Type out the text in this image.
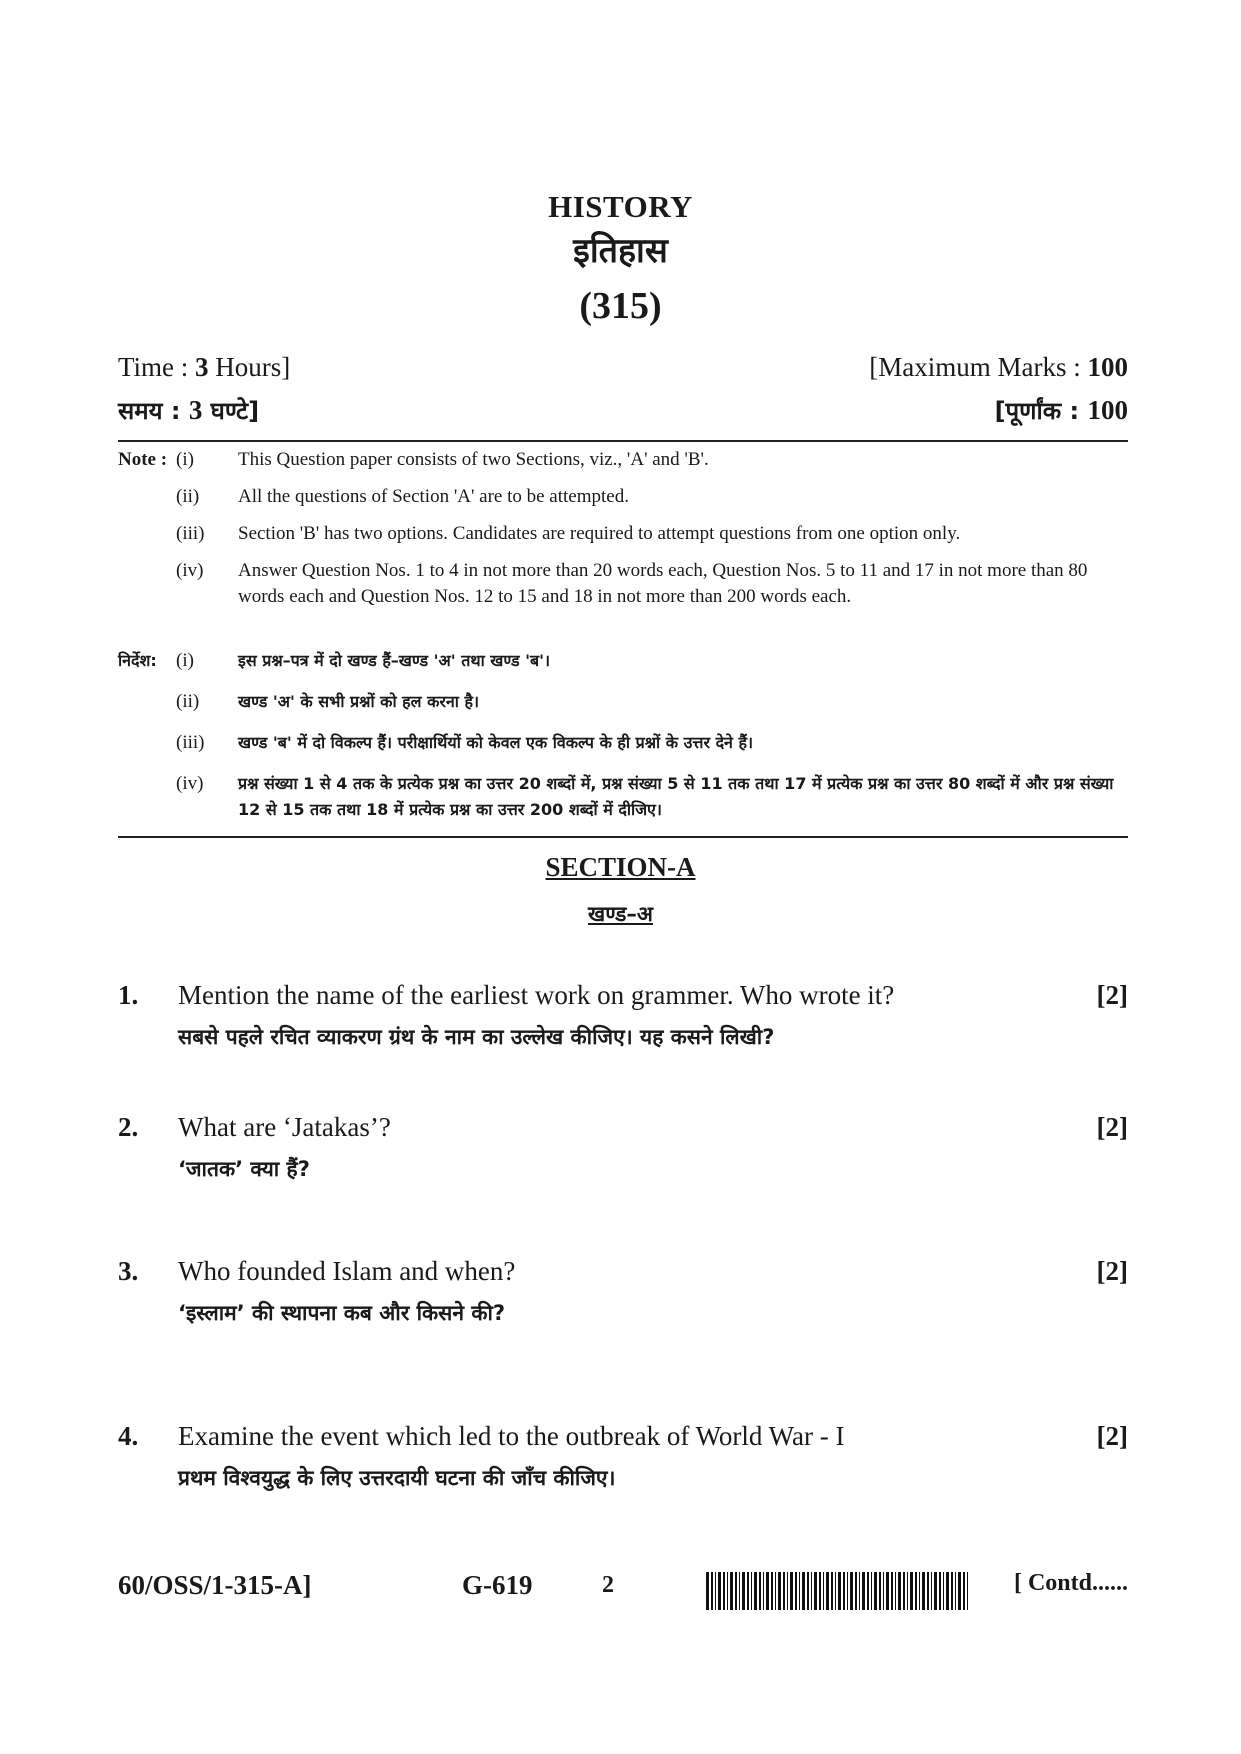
HISTORY
इतिहास
(315)
Time : 3 Hours]	[Maximum Marks : 100
समय : 3 घण्टे]	[पूर्णांक : 100
Note : (i)	This Question paper consists of two Sections, viz., 'A' and 'B'.
(ii)	All the questions of Section 'A' are to be attempted.
(iii)	Section 'B' has two options. Candidates are required to attempt questions from one option only.
(iv)	Answer Question Nos. 1 to 4 in not more than 20 words each, Question Nos. 5 to 11 and 17 in not more than 80 words each and Question Nos. 12 to 15 and 18 in not more than 200 words each.
निर्देश:	(i)	इस प्रश्न–पत्र में दो खण्ड हैं–खण्ड 'अ' तथा खण्ड 'ब'।
(ii)	खण्ड 'अ' के सभी प्रश्नों को हल करना है।
(iii)	खण्ड 'ब' में दो विकल्प हैं। परीक्षार्थियों को केवल एक विकल्प के ही प्रश्नों के उत्तर देने हैं।
(iv)	प्रश्न संख्या 1 से 4 तक के प्रत्येक प्रश्न का उत्तर 20 शब्दों में, प्रश्न संख्या 5 से 11 तक तथा 17 में प्रत्येक प्रश्न का उत्तर 80 शब्दों में और प्रश्न संख्या 12 से 15 तक तथा 18 में प्रत्येक प्रश्न का उत्तर 200 शब्दों में दीजिए।
SECTION-A
खण्ड–अ
1.	Mention the name of the earliest work on grammer. Who wrote it?	[2]
सबसे पहले रचित व्याकरण ग्रंथ के नाम का उल्लेख कीजिए। यह कसने लिखी?
2.	What are ‘Jatakas’?	[2]
‘जातक’ क्या हैं?
3.	Who founded Islam and when?	[2]
‘इस्लाम’ की स्थापना कब और किसने की?
4.	Examine the event which led to the outbreak of World War - I	[2]
प्रथम विश्वयुद्ध के लिए उत्तरदायी घटना की जाँच कीजिए।
60/OSS/1-315-A]	G-619	2	[ Contd......
